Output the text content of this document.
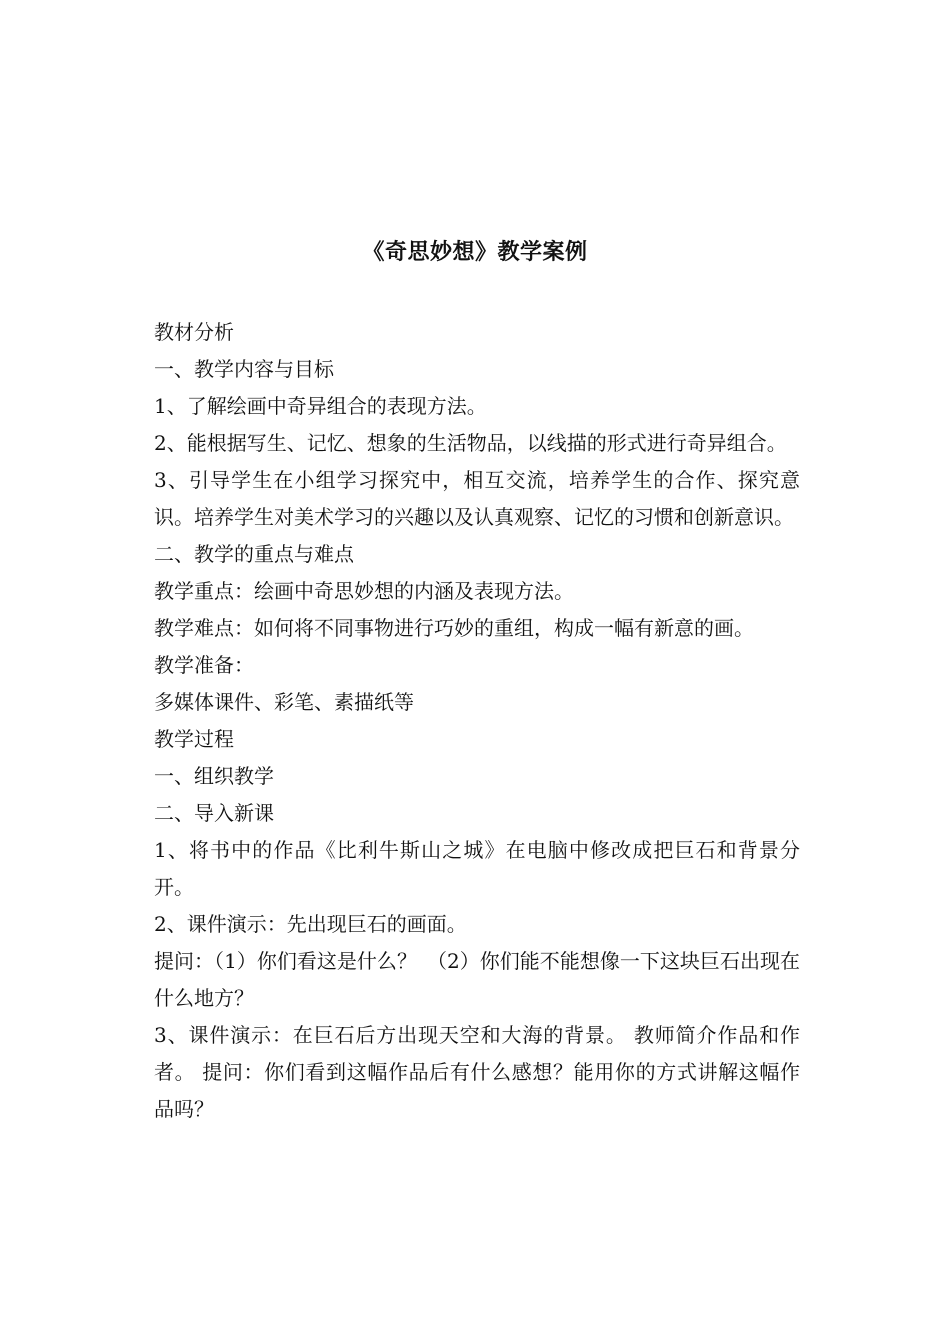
《奇思妙想》教学案例

教材分析

一、教学内容与目标

1、了解绘画中奇异组合的表现方法。

2、能根据写生、记忆、想象的生活物品，以线描的形式进行奇异组合。

3、引导学生在小组学习探究中，相互交流，培养学生的合作、探究意识。培养学生对美术学习的兴趣以及认真观察、记忆的习惯和创新意识。

二、教学的重点与难点

教学重点：绘画中奇思妙想的内涵及表现方法。

教学难点：如何将不同事物进行巧妙的重组，构成一幅有新意的画。

教学准备：

多媒体课件、彩笔、素描纸等

教学过程

一、组织教学

二、导入新课

1、将书中的作品《比利牛斯山之城》在电脑中修改成把巨石和背景分开。

2、课件演示：先出现巨石的画面。

提问：（1）你们看这是什么？　（2）你们能不能想像一下这块巨石出现在什么地方？

3、课件演示：在巨石后方出现天空和大海的背景。 教师简介作品和作者。 提问：你们看到这幅作品后有什么感想？能用你的方式讲解这幅作品吗？
